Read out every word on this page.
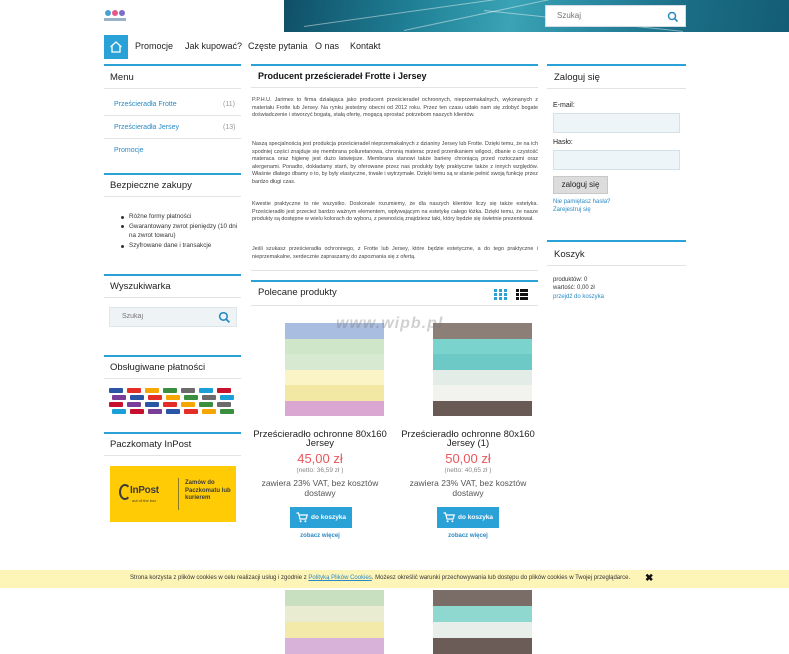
Szukaj
Promocje Jak kupować? Częste pytania O nas Kontakt
Menu
Prześcieradła Frotte	(11)
Prześcieradła Jersey	(13)
Promocje
Bezpieczne zakupy
Różne formy płatności
Gwarantowany zwrot pieniędzy (10 dni na zwrot towaru)
Szyfrowane dane i transakcje
Wyszukiwarka
Szukaj
Obsługiwane płatności
Paczkomaty InPost
InPost
out of the box
Zamów do Paczkomatu lub kurierem
Producent prześcieradeł Frotte i Jersey

P.P.H.U. Jarimex to firma działająca jako producent prześcieradeł ochronnych, nieprzemakalnych, wykonanych z materiału Frotte lub Jersey. Na rynku jesteśmy obecni od 2012 roku. Przez ten czasu udało nam się zdobyć bogate doświadczenie i stworzyć bogatą, stałą ofertę, mogącą sprostać potrzebom naszych klientów.

Naszą specjalnością jest produkcja prześcieradeł nieprzemakalnych z dzianiny Jersey lub Frotte. Dzięki temu, że na ich spodniej części znajduje się membrana poliuretanowa, chronią materac przed przenikaniem wilgoci, dbanie o czystość materaca oraz higienę jest dużo łatwiejsze. Membrana stanowi także barierę chroniącą przed roztoczami oraz alergenami. Ponadto, dokładamy starń, by oferowane przez nas produkty były praktyczne także z innych względów. Właśnie dlatego dbamy o to, by były elastyczne, trwałe i wytrzymałe. Dzięki temu są w stanie pełnić swoją funkcję przez bardzo długi czas.

Kwestie praktyczne to nie wszystko. Doskonale rozumiemy, że dla naszych klientów liczy się także estetyka. Prześcieradło jest przecież bardzo ważnym elementem, wpływającym na estetykę całego łóżka. Dzięki temu, że nasze produkty są dostępne w wielu kolorach do wyboru, z pewnością znajdziesz taki, który będzie się świetnie prezentował.

Jeśli szukasz prześcieradła ochronnego, z Frotte lub Jersey, które będzie estetyczne, a do tego praktyczne i nieprzemakalne, serdecznie zapraszamy do zapoznania się z ofertą.

Polecane produkty
Prześcieradło ochronne 80x160 Jersey
45,00 zł
(netto: 36,59 zł )
zawiera 23% VAT, bez kosztów dostawy
do koszyka
zobacz więcej
Prześcieradło ochronne 80x160 Jersey (1)
50,00 zł
(netto: 40,65 zł )
zawiera 23% VAT, bez kosztów dostawy
do koszyka
zobacz więcej
www.wipb.pl
Zaloguj się
E-mail:
Hasło:
zaloguj się
Nie pamiętasz hasła?
Zarejestruj się
Koszyk
produktów: 0
wartość: 0,00 zł
przejdź do koszyka
Strona korzysta z plików cookies w celu realizacji usług i zgodnie z Polityką Plików Cookies. Możesz określić warunki przechowywania lub dostępu do plików cookies w Twojej przeglądarce. ✖
